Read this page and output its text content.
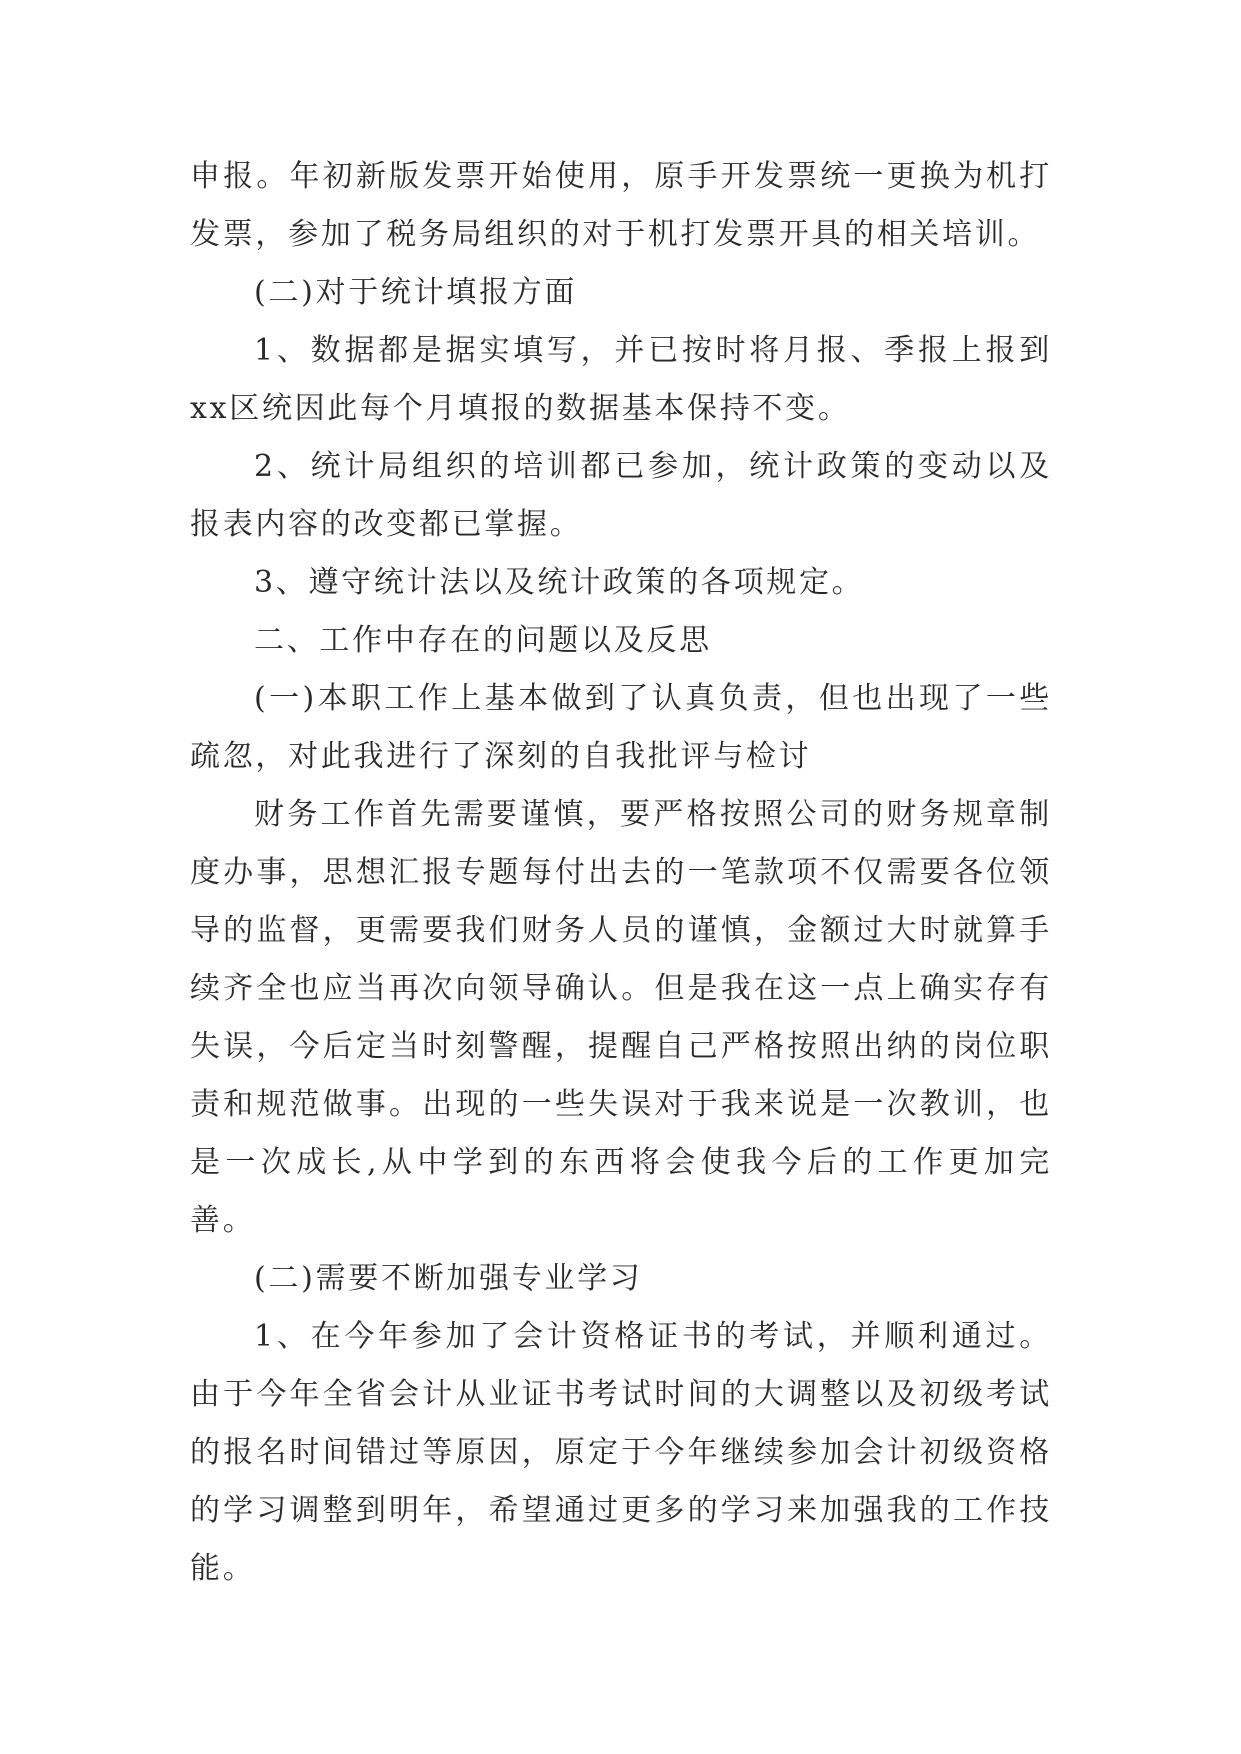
申报。年初新版发票开始使用，原手开发票统一更换为机打发票，参加了税务局组织的对于机打发票开具的相关培训。

(二)对于统计填报方面

1、数据都是据实填写，并已按时将月报、季报上报到xx区统因此每个月填报的数据基本保持不变。

2、统计局组织的培训都已参加，统计政策的变动以及报表内容的改变都已掌握。

3、遵守统计法以及统计政策的各项规定。

二、工作中存在的问题以及反思

(一)本职工作上基本做到了认真负责，但也出现了一些疏忽，对此我进行了深刻的自我批评与检讨

财务工作首先需要谨慎，要严格按照公司的财务规章制度办事，思想汇报专题每付出去的一笔款项不仅需要各位领导的监督，更需要我们财务人员的谨慎，金额过大时就算手续齐全也应当再次向领导确认。但是我在这一点上确实存有失误，今后定当时刻警醒，提醒自己严格按照出纳的岗位职责和规范做事。出现的一些失误对于我来说是一次教训，也是一次成长,从中学到的东西将会使我今后的工作更加完善。

(二)需要不断加强专业学习

1、在今年参加了会计资格证书的考试，并顺利通过。由于今年全省会计从业证书考试时间的大调整以及初级考试的报名时间错过等原因，原定于今年继续参加会计初级资格的学习调整到明年，希望通过更多的学习来加强我的工作技能。
